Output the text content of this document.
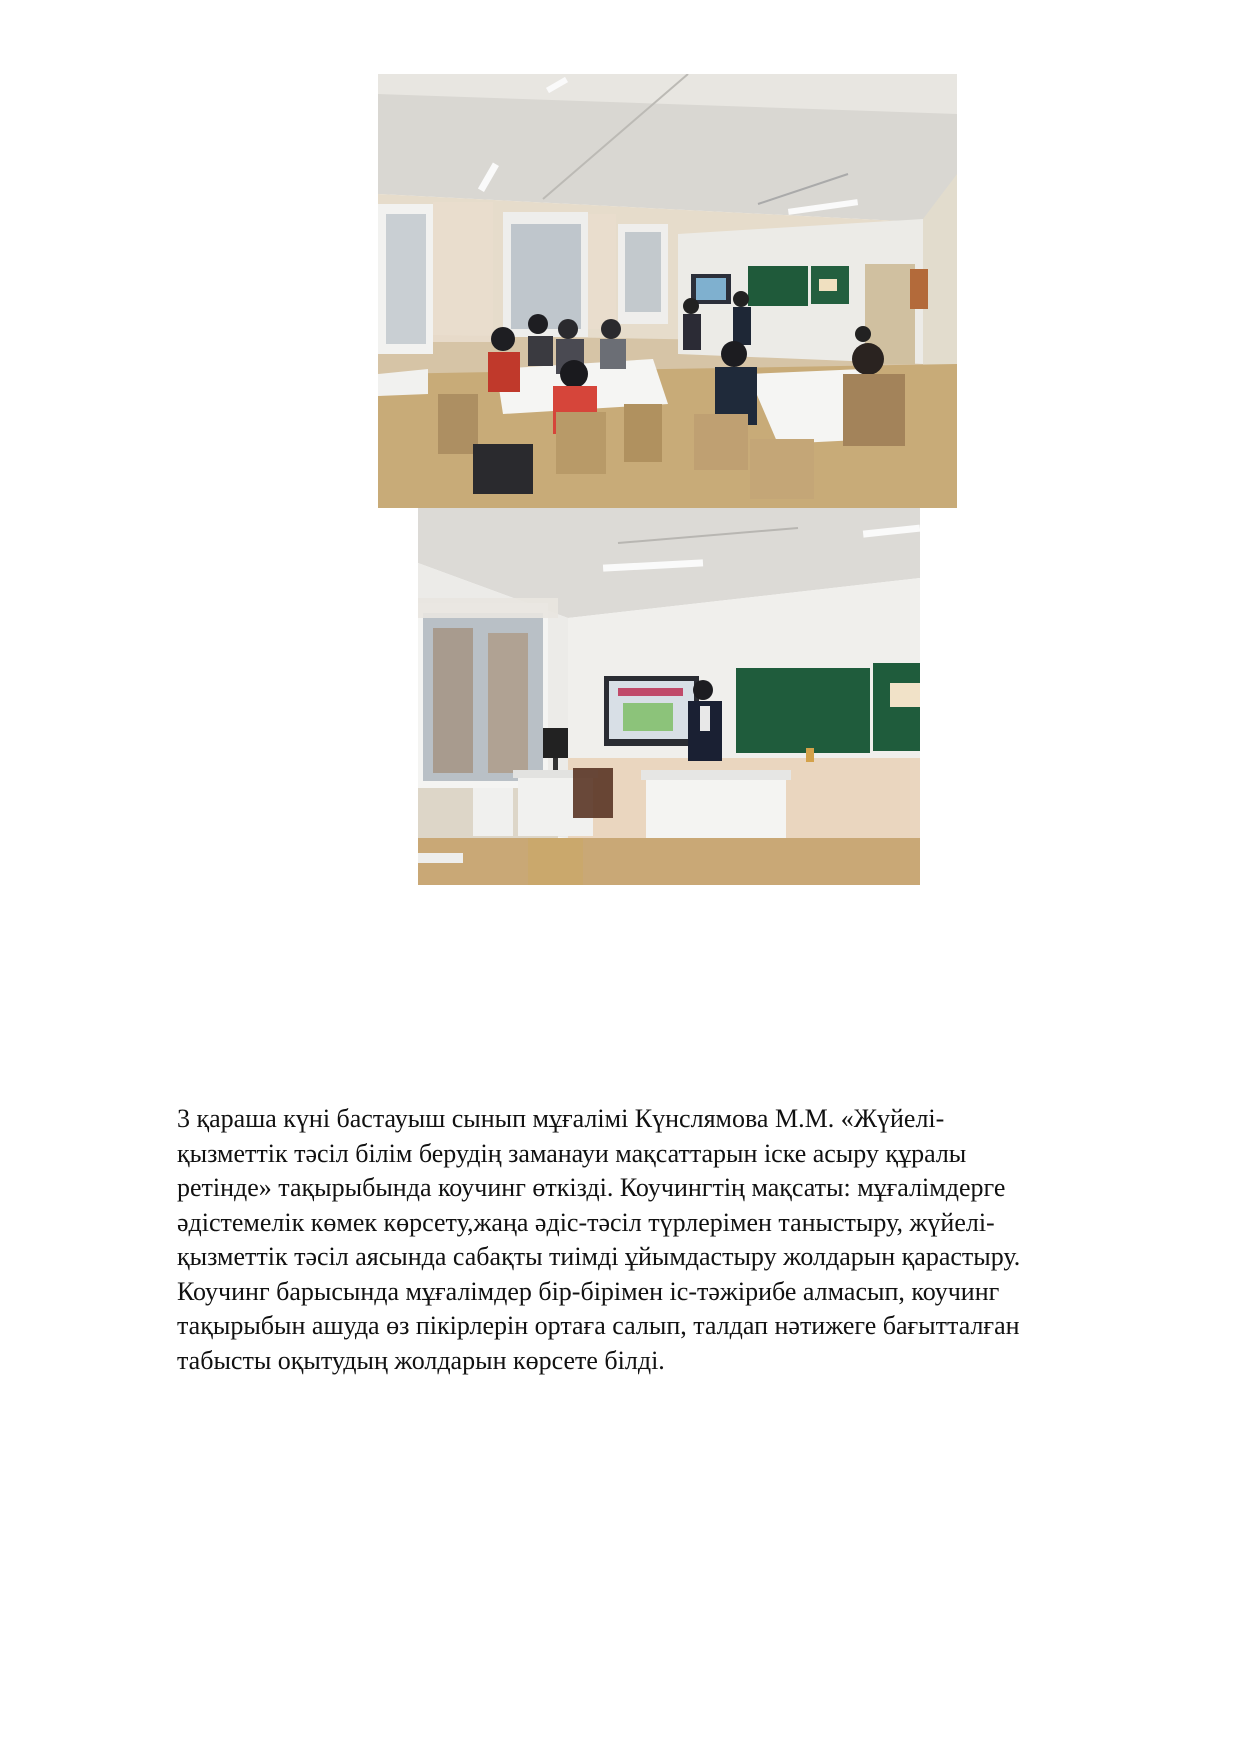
3 қараша күні бастауыш сынып мұғалімі Күнслямова М.М. «Жүйелі-
қызметтік тәсіл білім берудің заманауи мақсаттарын іске асыру құралы
ретінде» тақырыбында коучинг өткізді. Коучингтің мақсаты: мұғалімдерге
әдістемелік көмек көрсету,жаңа әдіс-тәсіл түрлерімен таныстыру, жүйелі-
қызметтік тәсіл аясында сабақты тиімді ұйымдастыру жолдарын қарастыру.
Коучинг барысында мұғалімдер бір-бірімен іс-тәжірибе алмасып, коучинг
тақырыбын ашуда өз пікірлерін ортаға салып, талдап нәтижеге бағытталған
табысты оқытудың жолдарын көрсете білді.
